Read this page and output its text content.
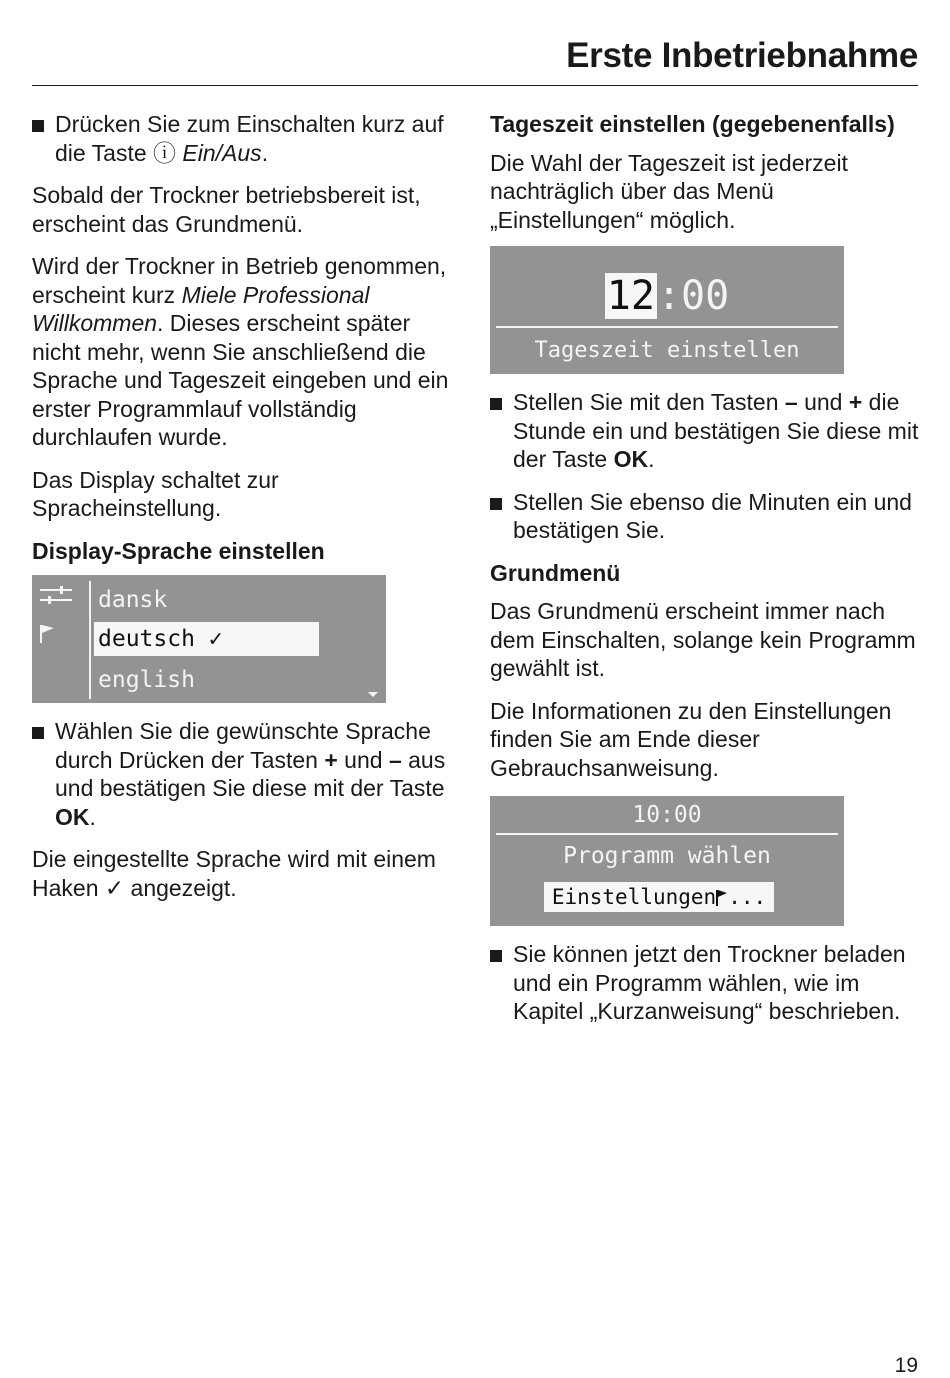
Erste Inbetriebnahme
Drücken Sie zum Einschalten kurz auf die Taste ⓘ Ein/Aus.

Sobald der Trockner betriebsbereit ist, erscheint das Grundmenü.

Wird der Trockner in Betrieb genommen, erscheint kurz Miele Professional Willkommen. Dieses erscheint später nicht mehr, wenn Sie anschließend die Sprache und Tageszeit eingeben und ein erster Programmlauf vollständig durchlaufen wurde.

Das Display schaltet zur Spracheinstellung.

Display-Sprache einstellen
dansk
deutsch ✓
english
Wählen Sie die gewünschte Sprache durch Drücken der Tasten + und – aus und bestätigen Sie diese mit der Taste OK.

Die eingestellte Sprache wird mit einem Haken ✓ angezeigt.

Tageszeit einstellen (gegebenenfalls)

Die Wahl der Tageszeit ist jederzeit nachträglich über das Menü „Einstellungen“ möglich.

12:00
Tageszeit einstellen
Stellen Sie mit den Tasten – und + die Stunde ein und bestätigen Sie diese mit der Taste OK.
Stellen Sie ebenso die Minuten ein und bestätigen Sie.
Grundmenü

Das Grundmenü erscheint immer nach dem Einschalten, solange kein Programm gewählt ist.

Die Informationen zu den Einstellungen finden Sie am Ende dieser Gebrauchsanweisung.

10:00
Programm wählen
Einstellungen ...
Sie können jetzt den Trockner beladen und ein Programm wählen, wie im Kapitel „Kurzanweisung“ beschrieben.
19
